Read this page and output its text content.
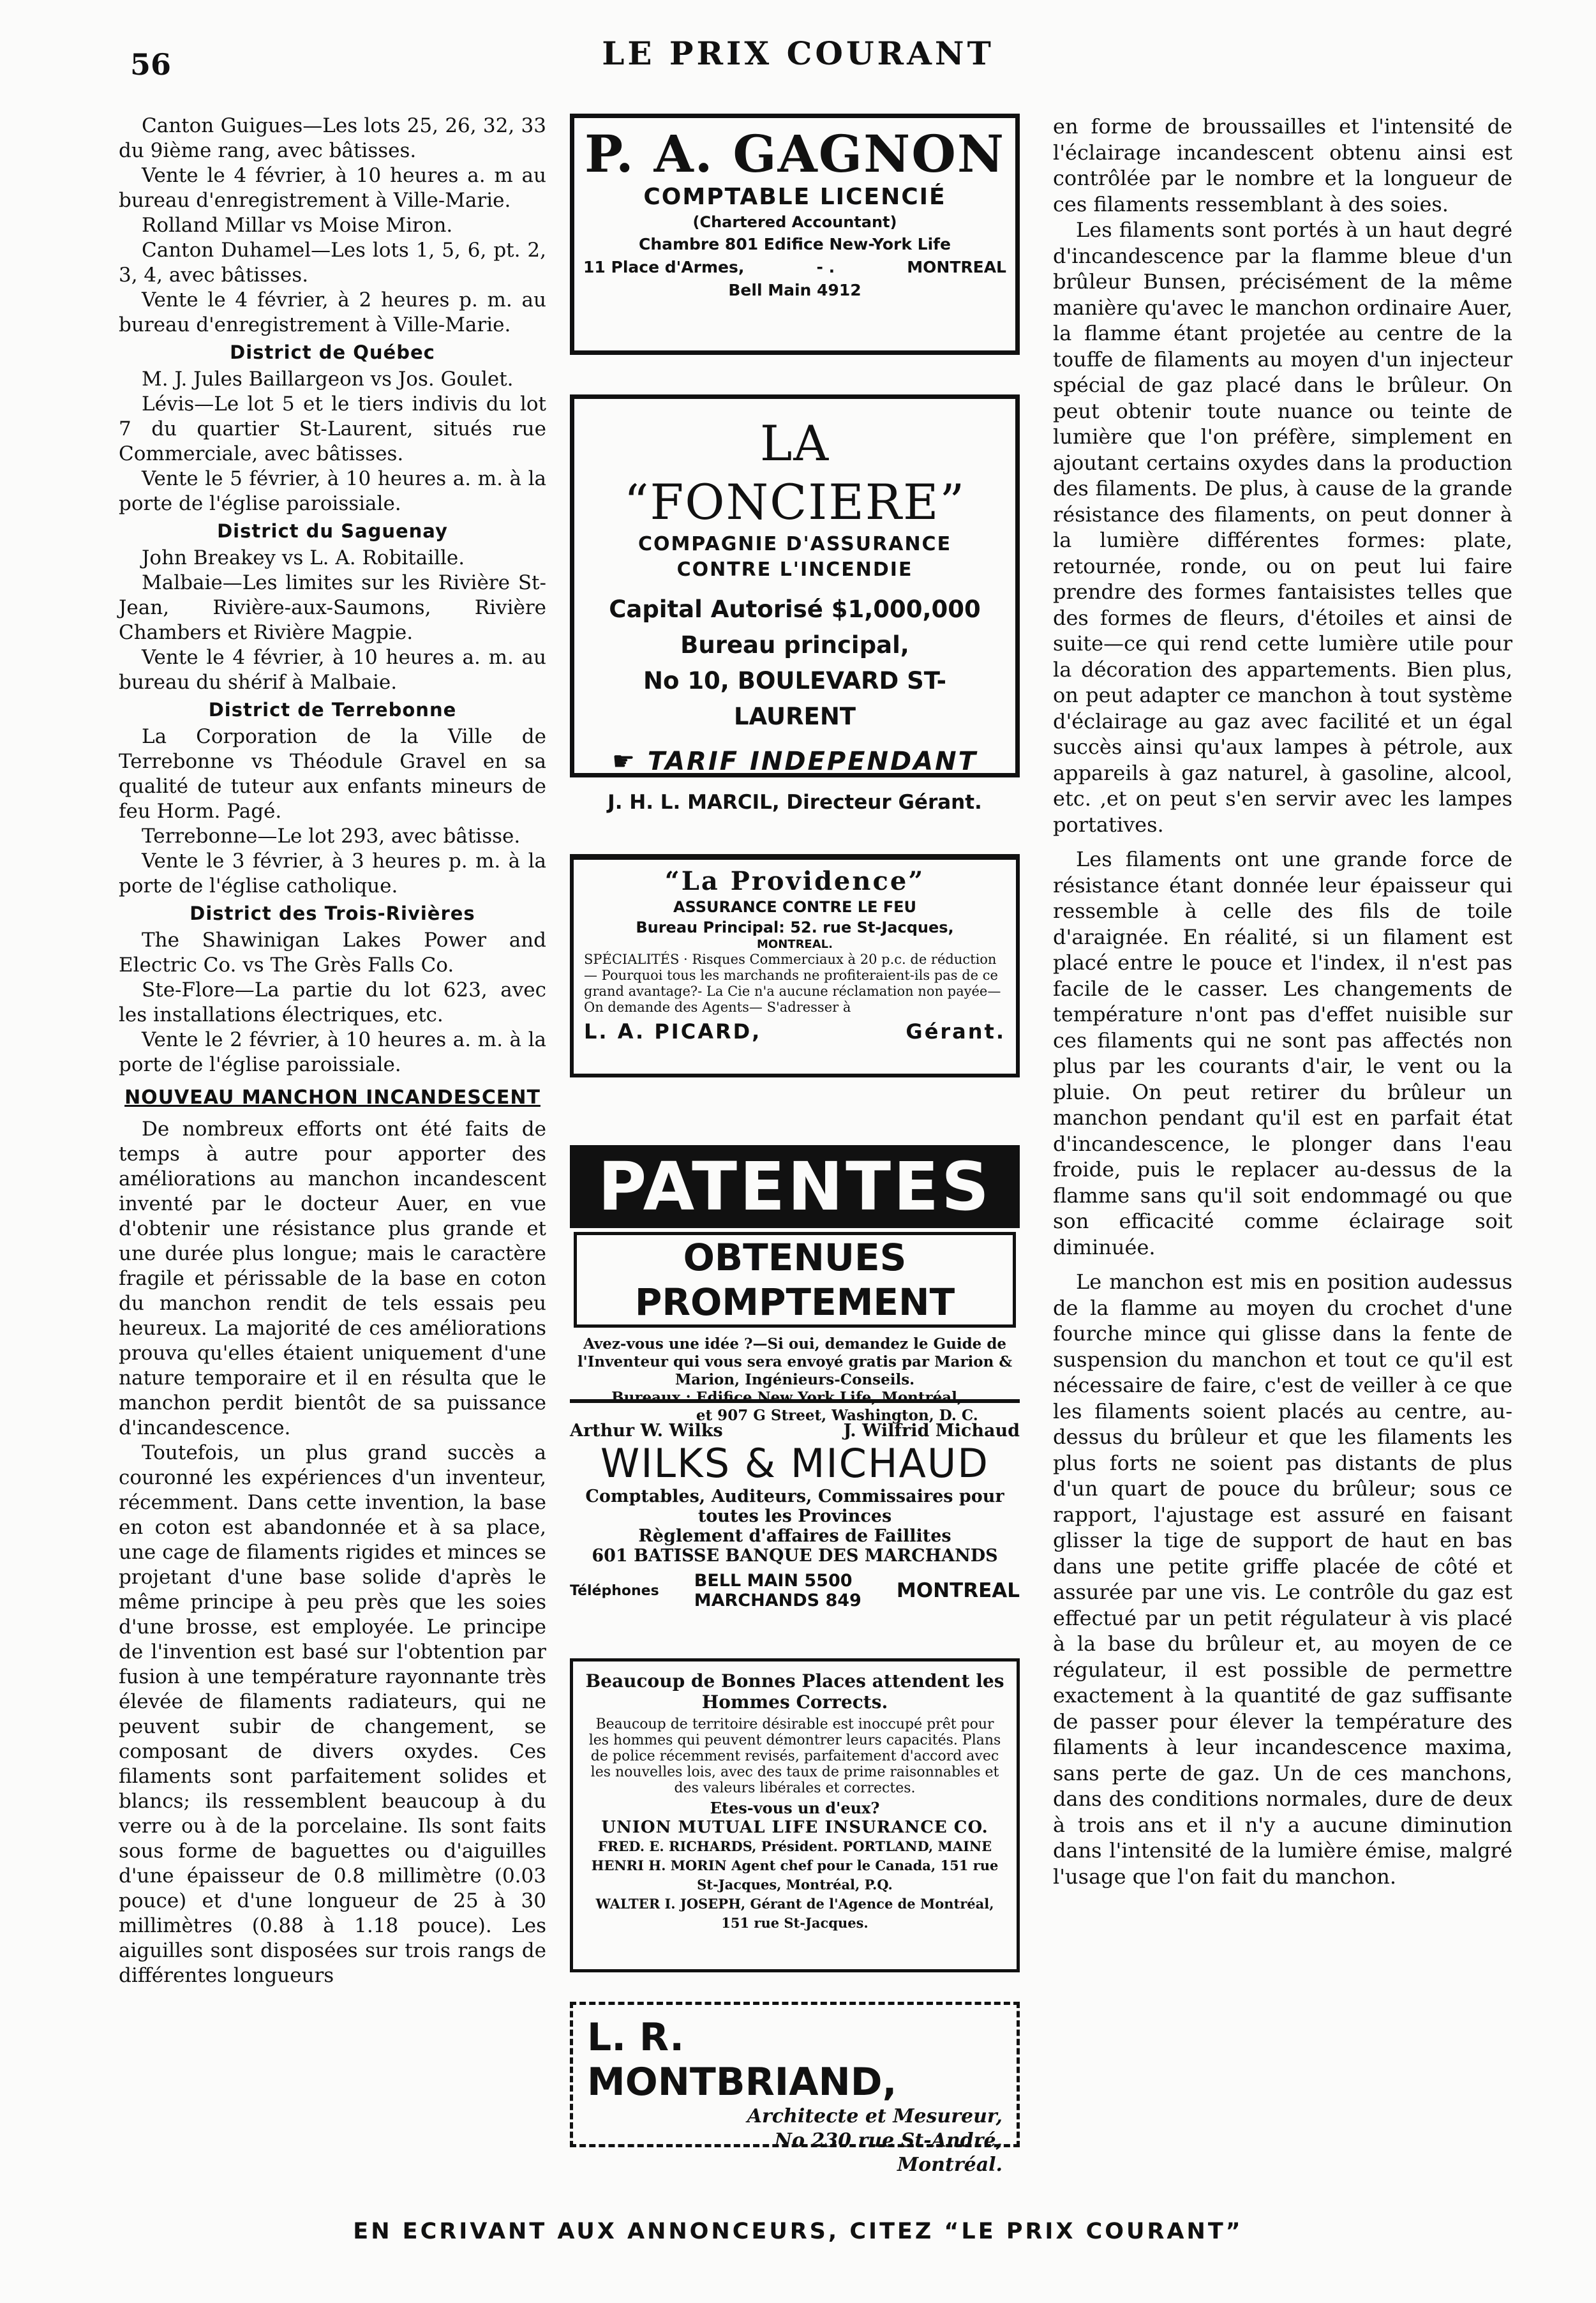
56	LE PRIX COURANT

Canton Guigues—Les lots 25, 26, 32, 33 du 9ième rang, avec bâtisses.

Vente le 4 février, à 10 heures a. m au bureau d'enregistrement à Ville-Marie.

Rolland Millar vs Moise Miron.

Canton Duhamel—Les lots 1, 5, 6, pt. 2, 3, 4, avec bâtisses.

Vente le 4 février, à 2 heures p. m. au bureau d'enregistrement à Ville-Marie.

District de Québec

M. J. Jules Baillargeon vs Jos. Goulet.

Lévis—Le lot 5 et le tiers indivis du lot 7 du quartier St-Laurent, situés rue Commerciale, avec bâtisses.

Vente le 5 février, à 10 heures a. m. à la porte de l'église paroissiale.

District du Saguenay

John Breakey vs L. A. Robitaille.

Malbaie—Les limites sur les Rivière St-Jean, Rivière-aux-Saumons, Rivière Chambers et Rivière Magpie.

Vente le 4 février, à 10 heures a. m. au bureau du shérif à Malbaie.

District de Terrebonne

La Corporation de la Ville de Terrebonne vs Théodule Gravel en sa qualité de tuteur aux enfants mineurs de feu Horm. Pagé.

Terrebonne—Le lot 293, avec bâtisse.

Vente le 3 février, à 3 heures p. m. à la porte de l'église catholique.

District des Trois-Rivières

The Shawinigan Lakes Power and Electric Co. vs The Grès Falls Co.

Ste-Flore—La partie du lot 623, avec les installations électriques, etc.

Vente le 2 février, à 10 heures a. m. à la porte de l'église paroissiale.

NOUVEAU MANCHON INCANDESCENT

De nombreux efforts ont été faits de temps à autre pour apporter des améliorations au manchon incandescent inventé par le docteur Auer, en vue d'obtenir une résistance plus grande et une durée plus longue; mais le caractère fragile et périssable de la base en coton du manchon rendit de tels essais peu heureux. La majorité de ces améliorations prouva qu'elles étaient uniquement d'une nature temporaire et il en résulta que le manchon perdit bientôt de sa puissance d'incandescence.

Toutefois, un plus grand succès a couronné les expériences d'un inventeur, récemment. Dans cette invention, la base en coton est abandonnée et à sa place, une cage de filaments rigides et minces se projetant d'une base solide d'après le même principe à peu près que les soies d'une brosse, est employée. Le principe de l'invention est basé sur l'obtention par fusion à une température rayonnante très élevée de filaments radiateurs, qui ne peuvent subir de changement, se composant de divers oxydes. Ces filaments sont parfaitement solides et blancs; ils ressemblent beaucoup à du verre ou à de la porcelaine. Ils sont faits sous forme de baguettes ou d'aiguilles d'une épaisseur de 0.8 millimètre (0.03 pouce) et d'une longueur de 25 à 30 millimètres (0.88 à 1.18 pouce). Les aiguilles sont disposées sur trois rangs de différentes longueurs

P. A. GAGNON
COMPTABLE LICENCIÉ
(Chartered Accountant)
Chambre 801 Edifice New-York Life
11 Place d'Armes,	- .	MONTREAL
Bell Main 4912
LA “FONCIERE”
COMPAGNIE D'ASSURANCE
CONTRE L'INCENDIE
Capital Autorisé $1,000,000
Bureau principal,
No 10, BOULEVARD ST-LAURENT
☛ TARIF INDEPENDANT
J. H. L. MARCIL, Directeur Gérant.
“La Providence”
ASSURANCE CONTRE LE FEU
Bureau Principal: 52. rue St-Jacques,
MONTREAL.
SPÉCIALITÉS · Risques Commerciaux à 20 p.c. de réduction— Pourquoi tous les marchands ne profiteraient-ils pas de ce grand avantage?- La Cie n'a aucune réclamation non payée— On demande des Agents— S'adresser à
L. A. PICARD,	Gérant.
PATENTES
OBTENUES PROMPTEMENT
Avez-vous une idée ?—Si oui, demandez le Guide de l'Inventeur qui vous sera envoyé gratis par Marion & Marion, Ingénieurs-Conseils.
Bureaux : Edifice New York Life, Montréal,
et 907 G Street, Washington, D. C.
Arthur W. Wilks	J. Wilfrid Michaud
WILKS & MICHAUD
Comptables, Auditeurs, Commissaires pour toutes les Provinces
Règlement d'affaires de Faillites
601 BATISSE BANQUE DES MARCHANDS
Téléphones BELL MAIN 5500
MARCHANDS 849 MONTREAL
Beaucoup de Bonnes Places attendent les Hommes Corrects.
Beaucoup de territoire désirable est inoccupé prêt pour les hommes qui peuvent démontrer leurs capacités. Plans de police récemment revisés, parfaitement d'accord avec les nouvelles lois, avec des taux de prime raisonnables et des valeurs libérales et correctes.
Etes-vous un d'eux?
UNION MUTUAL LIFE INSURANCE CO.
FRED. E. RICHARDS, Président. PORTLAND, MAINE
HENRI H. MORIN Agent chef pour le Canada, 151 rue St-Jacques, Montréal, P.Q.
WALTER I. JOSEPH, Gérant de l'Agence de Montréal, 151 rue St-Jacques.
L. R. MONTBRIAND,
Architecte et Mesureur,
No 230 rue St-André,
Montréal.

en forme de broussailles et l'intensité de l'éclairage incandescent obtenu ainsi est contrôlée par le nombre et la longueur de ces filaments ressemblant à des soies.

Les filaments sont portés à un haut degré d'incandescence par la flamme bleue d'un brûleur Bunsen, précisément de la même manière qu'avec le manchon ordinaire Auer, la flamme étant projetée au centre de la touffe de filaments au moyen d'un injecteur spécial de gaz placé dans le brûleur. On peut obtenir toute nuance ou teinte de lumière que l'on préfère, simplement en ajoutant certains oxydes dans la production des filaments. De plus, à cause de la grande résistance des filaments, on peut donner à la lumière différentes formes: plate, retournée, ronde, ou on peut lui faire prendre des formes fantaisistes telles que des formes de fleurs, d'étoiles et ainsi de suite—ce qui rend cette lumière utile pour la décoration des appartements. Bien plus, on peut adapter ce manchon à tout système d'éclairage au gaz avec facilité et un égal succès ainsi qu'aux lampes à pétrole, aux appareils à gaz naturel, à gasoline, alcool, etc. ,et on peut s'en servir avec les lampes portatives.

Les filaments ont une grande force de résistance étant donnée leur épaisseur qui ressemble à celle des fils de toile d'araignée. En réalité, si un filament est placé entre le pouce et l'index, il n'est pas facile de le casser. Les changements de température n'ont pas d'effet nuisible sur ces filaments qui ne sont pas affectés non plus par les courants d'air, le vent ou la pluie. On peut retirer du brûleur un manchon pendant qu'il est en parfait état d'incandescence, le plonger dans l'eau froide, puis le replacer au-dessus de la flamme sans qu'il soit endommagé ou que son efficacité comme éclairage soit diminuée.

Le manchon est mis en position audessus de la flamme au moyen du crochet d'une fourche mince qui glisse dans la fente de suspension du manchon et tout ce qu'il est nécessaire de faire, c'est de veiller à ce que les filaments soient placés au centre, au-dessus du brûleur et que les filaments les plus forts ne soient pas distants de plus d'un quart de pouce du brûleur; sous ce rapport, l'ajustage est assuré en faisant glisser la tige de support de haut en bas dans une petite griffe placée de côté et assurée par une vis. Le contrôle du gaz est effectué par un petit régulateur à vis placé à la base du brûleur et, au moyen de ce régulateur, il est possible de permettre exactement à la quantité de gaz suffisante de passer pour élever la température des filaments à leur incandescence maxima, sans perte de gaz. Un de ces manchons, dans des conditions normales, dure de deux à trois ans et il n'y a aucune diminution dans l'intensité de la lumière émise, malgré l'usage que l'on fait du manchon.

EN ECRIVANT AUX ANNONCEURS, CITEZ “LE PRIX COURANT”
